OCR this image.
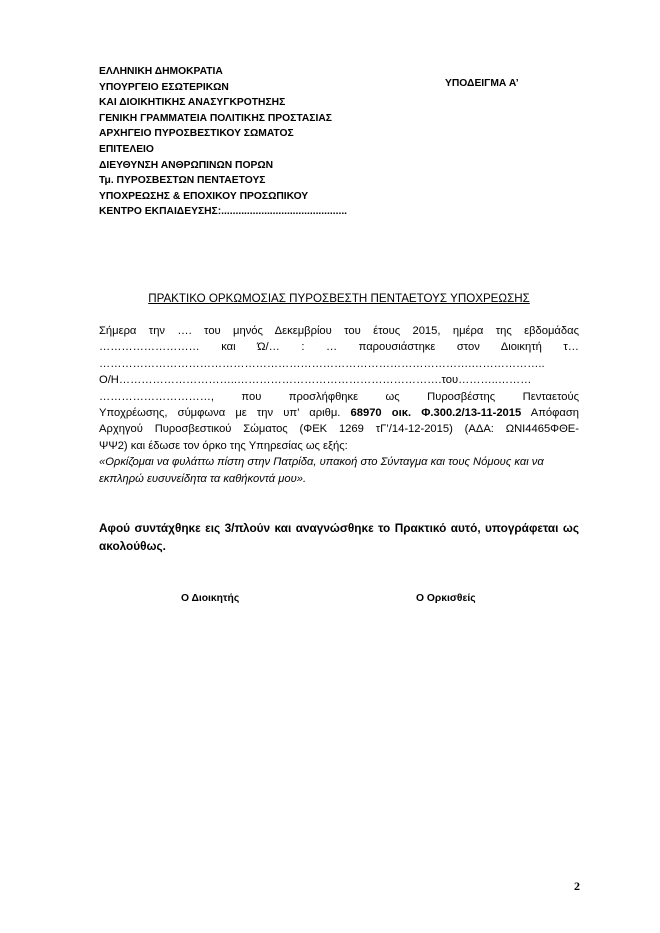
ΕΛΛΗΝΙΚΗ ΔΗΜΟΚΡΑΤΙΑ
ΥΠΟΥΡΓΕΙΟ ΕΣΩΤΕΡΙΚΩΝ
ΚΑΙ ΔΙΟΙΚΗΤΙΚΗΣ ΑΝΑΣΥΓΚΡΟΤΗΣΗΣ
ΓΕΝΙΚΗ ΓΡΑΜΜΑΤΕΙΑ ΠΟΛΙΤΙΚΗΣ ΠΡΟΣΤΑΣΙΑΣ
ΑΡΧΗΓΕΙΟ ΠΥΡΟΣΒΕΣΤΙΚΟΥ ΣΩΜΑΤΟΣ
ΕΠΙΤΕΛΕΙΟ
ΔΙΕΥΘΥΝΣΗ ΑΝΘΡΩΠΙΝΩΝ ΠΟΡΩΝ
Τμ. ΠΥΡΟΣΒΕΣΤΩΝ ΠΕΝΤΑΕΤΟΥΣ
ΥΠΟΧΡΕΩΣΗΣ & ΕΠΟΧΙΚΟΥ ΠΡΟΣΩΠΙΚΟΥ
ΚΕΝΤΡΟ ΕΚΠΑΙΔΕΥΣΗΣ:............................................
ΥΠΟΔΕΙΓΜΑ Α’
ΠΡΑΚΤΙΚΟ ΟΡΚΩΜΟΣΙΑΣ ΠΥΡΟΣΒΕΣΤΗ ΠΕΝΤΑΕΤΟΥΣ ΥΠΟΧΡΕΩΣΗΣ
Σήμερα την …. του μηνός Δεκεμβρίου του έτους 2015, ημέρα της εβδομάδας
……………………… και Ώ/… : … παρουσιάστηκε στον Διοικητή τ…
……………………………………………………………………………………….………………..
Ο/Η…………………………..……………………………………………….του………..………
…………………………, που προσλήφθηκε ως Πυροσβέστης Πενταετούς
Υποχρέωσης, σύμφωνα με την υπ’ αριθμ. 68970 οικ. Φ.300.2/13-11-2015 Απόφαση
Αρχηγού Πυροσβεστικού Σώματος (ΦΕΚ 1269 τΓ’/14-12-2015) (ΑΔΑ: ΩΝΙ4465ΦΘΕ-
ΨΨ2) και έδωσε τον όρκο της Υπηρεσίας ως εξής:
«Ορκίζομαι να φυλάττω πίστη στην Πατρίδα, υπακοή στο Σύνταγμα και τους Νόμους και να εκπληρώ ευσυνείδητα τα καθήκοντά μου».
Αφού συντάχθηκε εις 3/πλούν και αναγνώσθηκε το Πρακτικό αυτό, υπογράφεται ως ακολούθως.
Ο Διοικητής	Ο Ορκισθείς
2
